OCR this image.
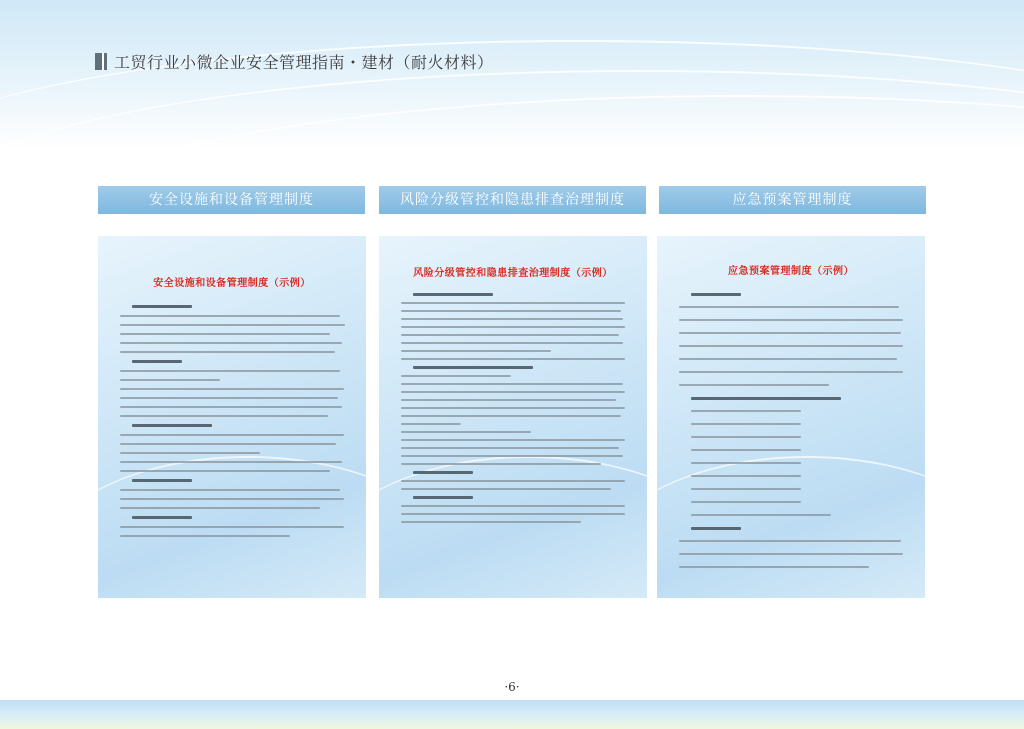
工贸行业小微企业安全管理指南・建材（耐火材料）
安全设施和设备管理制度
安全设施和设备管理制度（示例）
风险分级管控和隐患排查治理制度
风险分级管控和隐患排查治理制度（示例）
应急预案管理制度
应急预案管理制度（示例）
·6·
